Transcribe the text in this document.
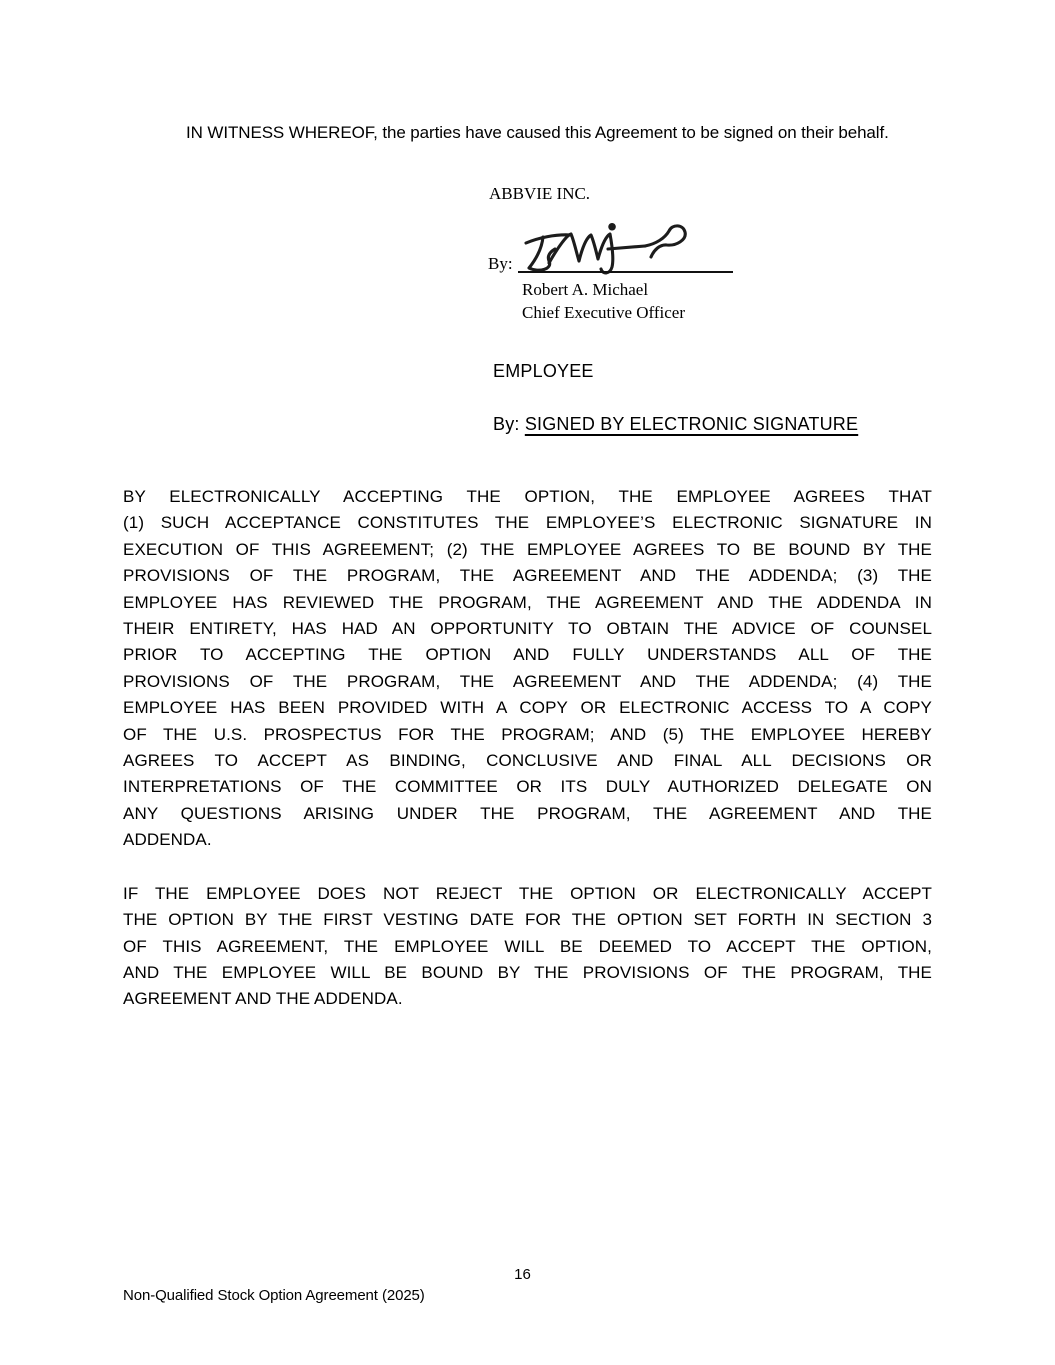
IN WITNESS WHEREOF, the parties have caused this Agreement to be signed on their behalf.
ABBVIE INC.
By:
Robert A. Michael
Chief Executive Officer
EMPLOYEE
By: SIGNED BY ELECTRONIC SIGNATURE
BY ELECTRONICALLY ACCEPTING THE OPTION, THE EMPLOYEE AGREES THAT
(1) SUCH ACCEPTANCE CONSTITUTES THE EMPLOYEE’S ELECTRONIC SIGNATURE IN
EXECUTION OF THIS AGREEMENT; (2) THE EMPLOYEE AGREES TO BE BOUND BY THE
PROVISIONS OF THE PROGRAM, THE AGREEMENT AND THE ADDENDA; (3) THE
EMPLOYEE HAS REVIEWED THE PROGRAM, THE AGREEMENT AND THE ADDENDA IN
THEIR ENTIRETY, HAS HAD AN OPPORTUNITY TO OBTAIN THE ADVICE OF COUNSEL
PRIOR TO ACCEPTING THE OPTION AND FULLY UNDERSTANDS ALL OF THE
PROVISIONS OF THE PROGRAM, THE AGREEMENT AND THE ADDENDA; (4) THE
EMPLOYEE HAS BEEN PROVIDED WITH A COPY OR ELECTRONIC ACCESS TO A COPY
OF THE U.S. PROSPECTUS FOR THE PROGRAM; AND (5) THE EMPLOYEE HEREBY
AGREES TO ACCEPT AS BINDING, CONCLUSIVE AND FINAL ALL DECISIONS OR
INTERPRETATIONS OF THE COMMITTEE OR ITS DULY AUTHORIZED DELEGATE ON
ANY QUESTIONS ARISING UNDER THE PROGRAM, THE AGREEMENT AND THE
ADDENDA.
IF THE EMPLOYEE DOES NOT REJECT THE OPTION OR ELECTRONICALLY ACCEPT
THE OPTION BY THE FIRST VESTING DATE FOR THE OPTION SET FORTH IN SECTION 3
OF THIS AGREEMENT, THE EMPLOYEE WILL BE DEEMED TO ACCEPT THE OPTION,
AND THE EMPLOYEE WILL BE BOUND BY THE PROVISIONS OF THE PROGRAM, THE
AGREEMENT AND THE ADDENDA.
16
Non-Qualified Stock Option Agreement (2025)
